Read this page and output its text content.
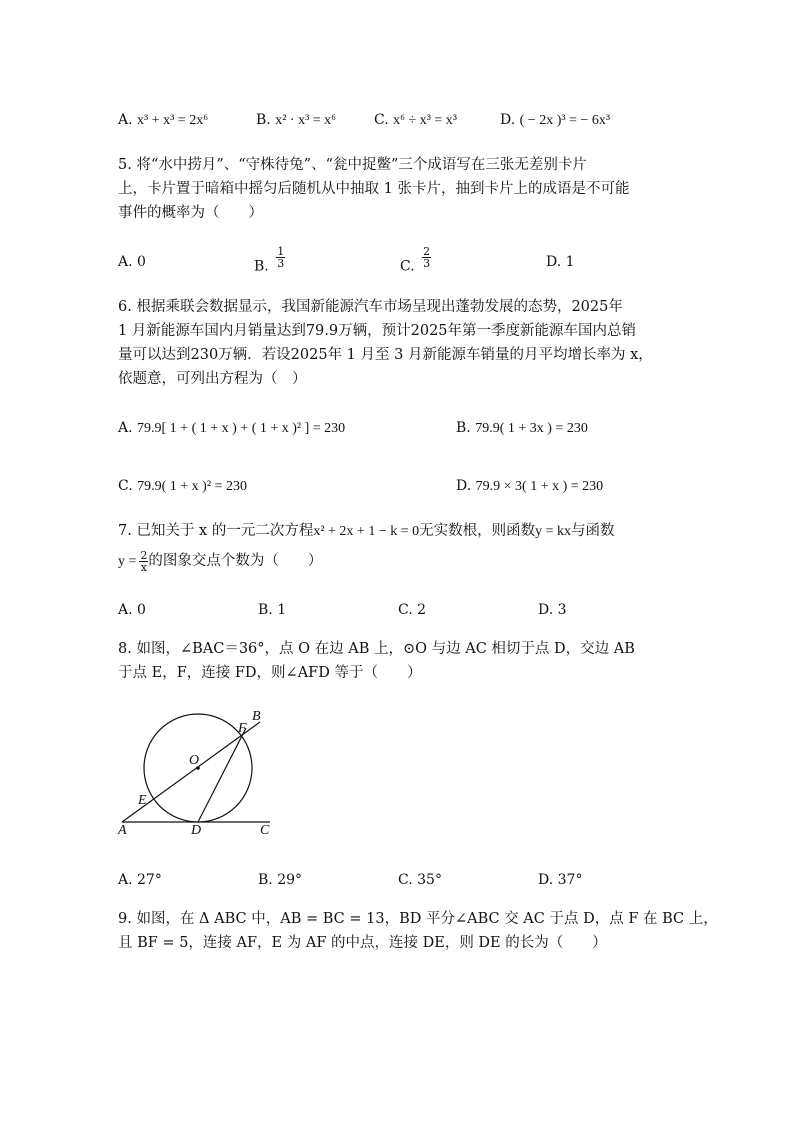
A. x³ + x³ = 2x⁶	B. x² · x³ = x⁶	C. x⁶ ÷ x³ = x³	D. ( − 2x )³ = − 6x³
5. 将“水中捞月”、“守株待兔”、“瓮中捉鳖”三个成语写在三张无差别卡片
上，卡片置于暗箱中摇匀后随机从中抽取 1 张卡片，抽到卡片上的成语是不可能
事件的概率为（　　）
A. 0	B. $\frac{1}{3}$	C. $\frac{2}{3}$	D. 1
6. 根据乘联会数据显示，我国新能源汽车市场呈现出蓬勃发展的态势，2025年
1 月新能源车国内月销量达到79.9万辆，预计2025年第一季度新能源车国内总销
量可以达到230万辆．若设2025年 1 月至 3 月新能源车销量的月平均增长率为 x，
依题意，可列出方程为（　）
A. 79.9[ 1 + ( 1 + x ) + ( 1 + x )² ] = 230	B. 79.9( 1 + 3x ) = 230
C. 79.9( 1 + x )² = 230	D. 79.9 × 3( 1 + x ) = 230
7. 已知关于 x 的一元二次方程x² + 2x + 1 − k = 0无实数根，则函数y = kx与函数
$y = \frac{2}{x}$ 的图象交点个数为（　　）
A. 0	B. 1	C. 2	D. 3
8. 如图，∠BAC＝36°，点 O 在边 AB 上，⊙O 与边 AC 相切于点 D，交边 AB
于点 E，F，连接 FD，则∠AFD 等于（　　）
A
B
C
D
E
F
O
A. 27°	B. 29°	C. 35°	D. 37°
9. 如图，在 Δ ABC 中，AB = BC = 13，BD 平分∠ABC 交 AC 于点 D，点 F 在 BC 上，
且 BF = 5，连接 AF，E 为 AF 的中点，连接 DE，则 DE 的长为（　　）
